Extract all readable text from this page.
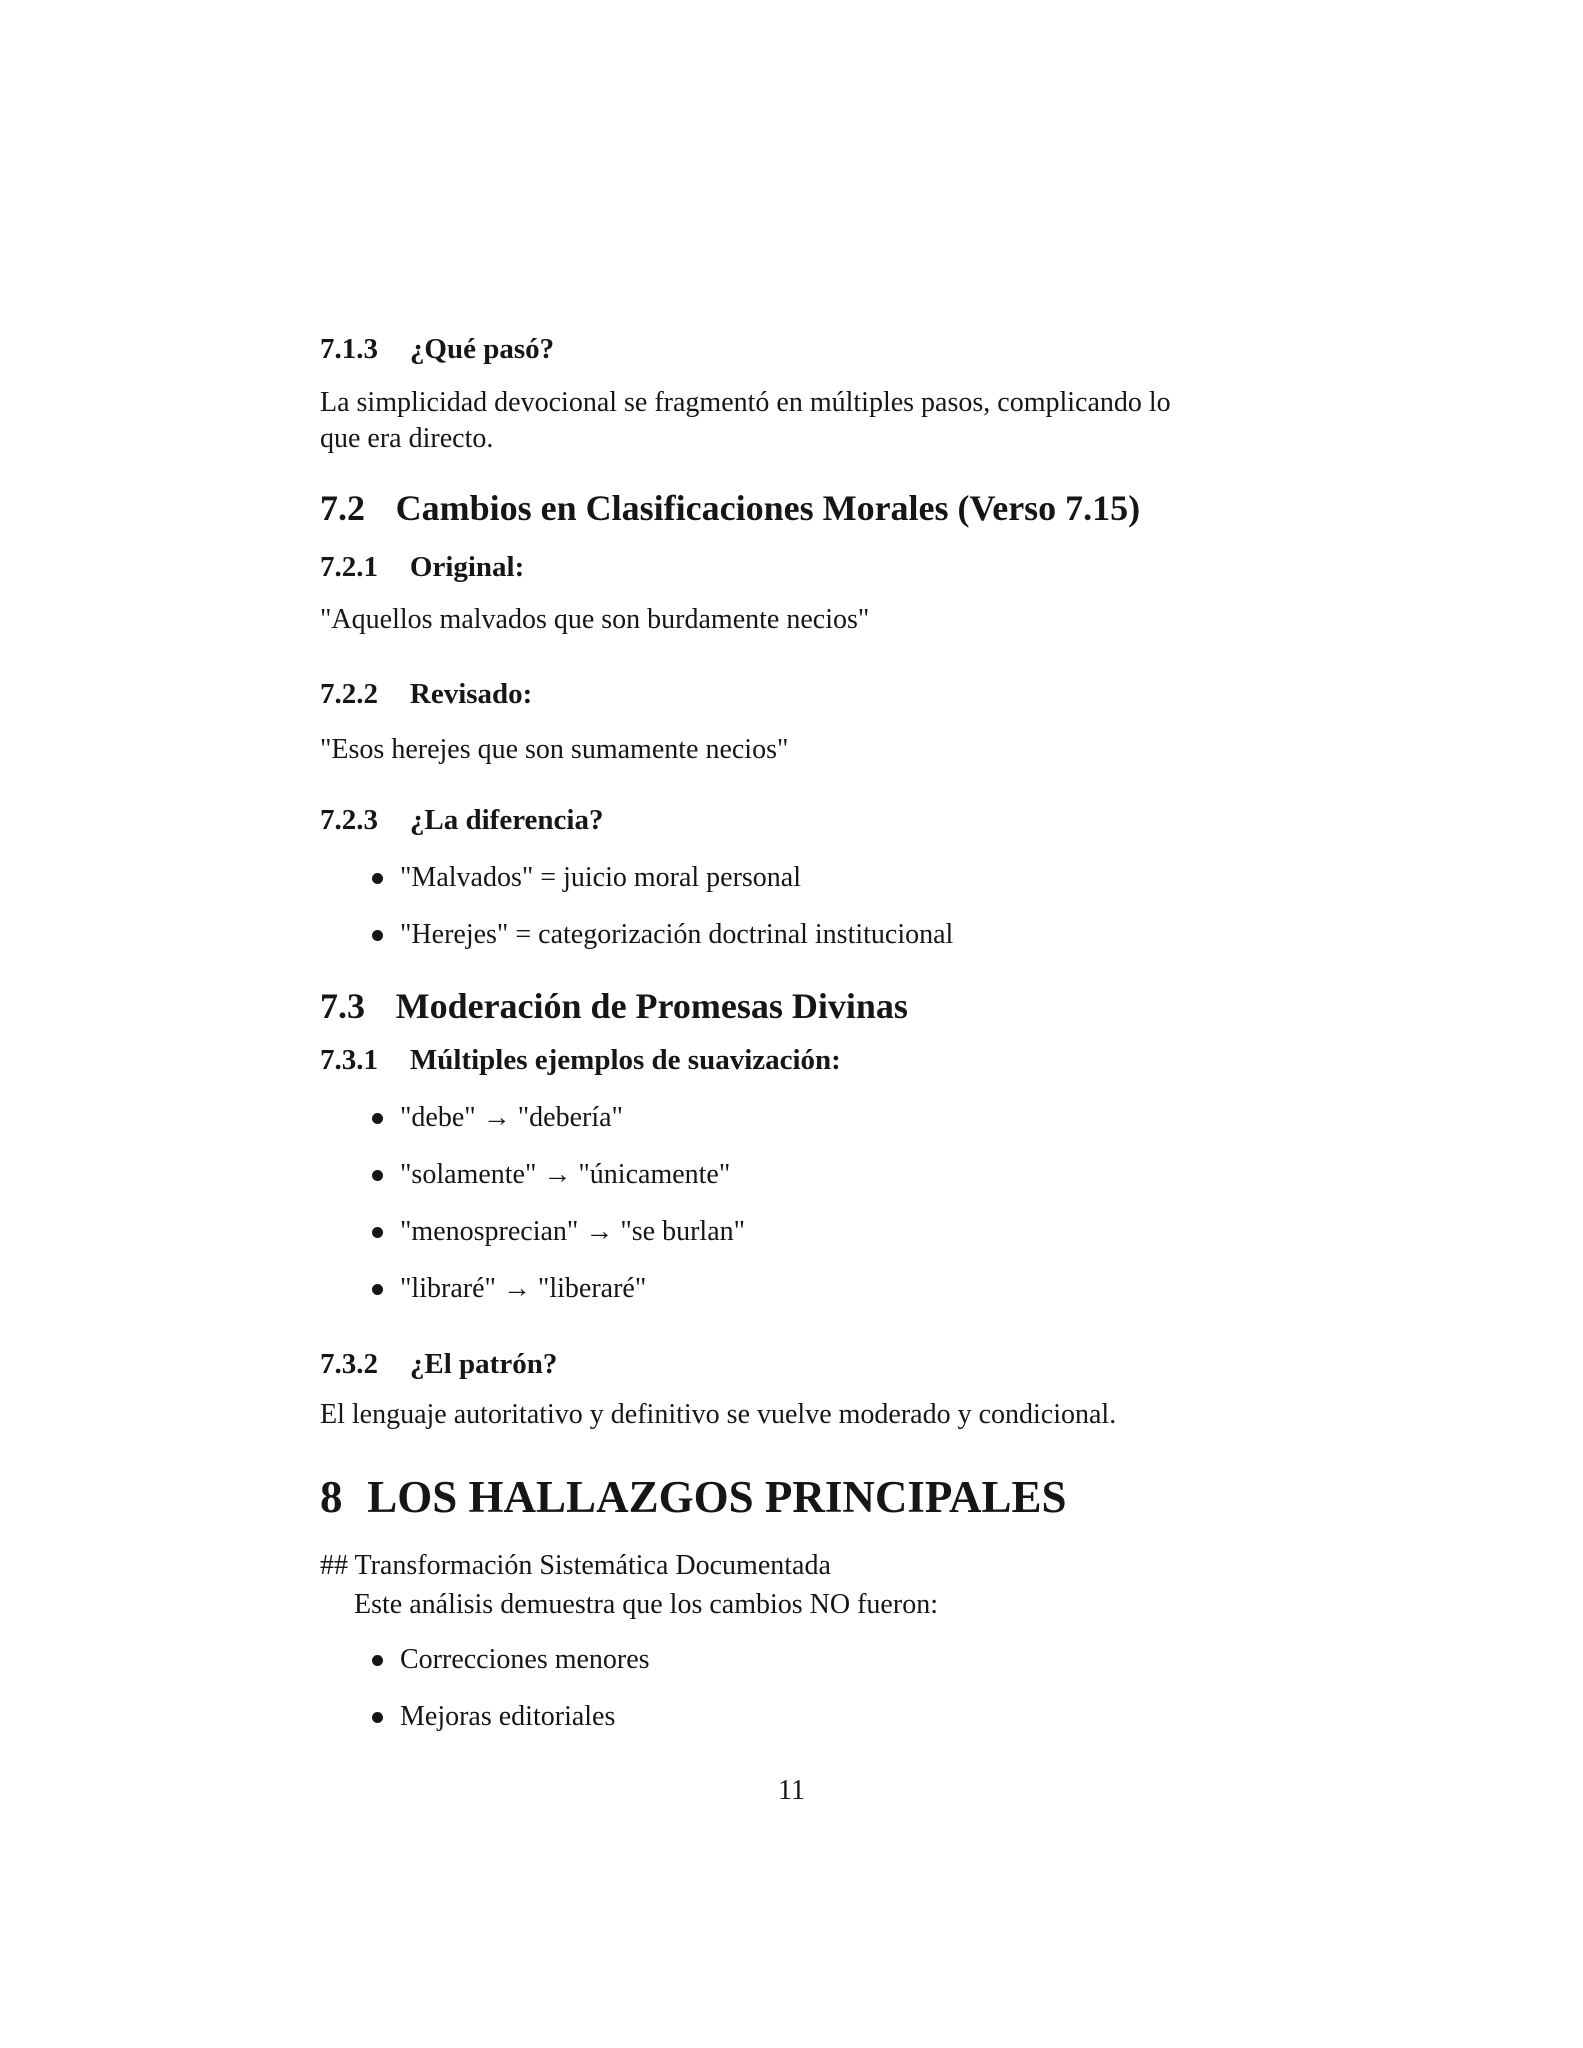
7.1.3 ¿Qué pasó?
La simplicidad devocional se fragmentó en múltiples pasos, complicando lo
que era directo.
7.2 Cambios en Clasificaciones Morales (Verso 7.15)
7.2.1 Original:
"Aquellos malvados que son burdamente necios"
7.2.2 Revisado:
"Esos herejes que son sumamente necios"
7.2.3 ¿La diferencia?
"Malvados" = juicio moral personal
"Herejes" = categorización doctrinal institucional
7.3 Moderación de Promesas Divinas
7.3.1 Múltiples ejemplos de suavización:
"debe" → "debería"
"solamente" → "únicamente"
"menosprecian" → "se burlan"
"libraré" → "liberaré"
7.3.2 ¿El patrón?
El lenguaje autoritativo y definitivo se vuelve moderado y condicional.
8 LOS HALLAZGOS PRINCIPALES
## Transformación Sistemática Documentada
Este análisis demuestra que los cambios NO fueron:
Correcciones menores
Mejoras editoriales
11
